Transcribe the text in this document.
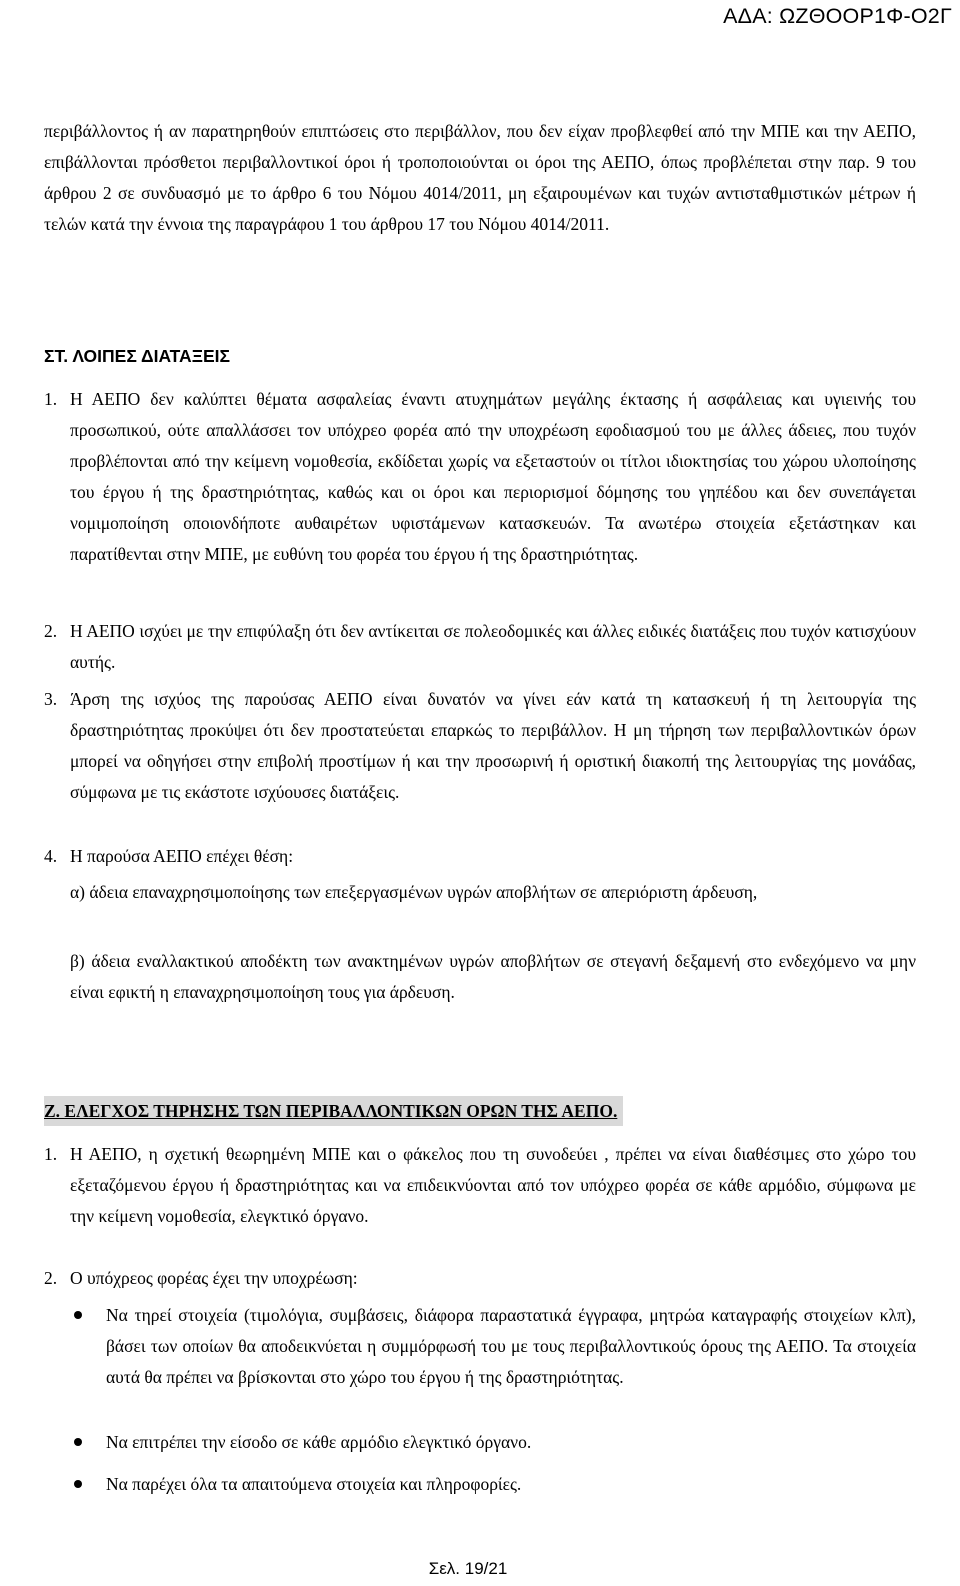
ΑΔΑ: ΩΖΘΟΟΡ1Φ-Ο2Γ

περιβάλλοντος ή αν παρατηρηθούν επιπτώσεις στο περιβάλλον, που δεν είχαν προβλεφθεί από την ΜΠΕ και την ΑΕΠΟ, επιβάλλονται πρόσθετοι περιβαλλοντικοί όροι ή τροποποιούνται οι όροι της ΑΕΠΟ, όπως προβλέπεται στην παρ. 9 του άρθρου 2 σε συνδυασμό με το άρθρο 6 του Νόμου 4014/2011, μη εξαιρουμένων και τυχών αντισταθμιστικών μέτρων ή τελών κατά την έννοια της παραγράφου 1 του άρθρου 17 του Νόμου 4014/2011.

ΣΤ. ΛΟΙΠΕΣ ΔΙΑΤΑΞΕΙΣ
1. Η ΑΕΠΟ δεν καλύπτει θέματα ασφαλείας έναντι ατυχημάτων μεγάλης έκτασης ή ασφάλειας και υγιεινής του προσωπικού, ούτε απαλλάσσει τον υπόχρεο φορέα από την υποχρέωση εφοδιασμού του με άλλες άδειες, που τυχόν προβλέπονται από την κείμενη νομοθεσία, εκδίδεται χωρίς να εξεταστούν οι τίτλοι ιδιοκτησίας του χώρου υλοποίησης του έργου ή της δραστηριότητας, καθώς και οι όροι και περιορισμοί δόμησης του γηπέδου και δεν συνεπάγεται νομιμοποίηση οποιονδήποτε αυθαιρέτων υφιστάμενων κατασκευών. Τα ανωτέρω στοιχεία εξετάστηκαν και παρατίθενται στην ΜΠΕ, με ευθύνη του φορέα του έργου ή της δραστηριότητας.

2. Η ΑΕΠΟ ισχύει με την επιφύλαξη ότι δεν αντίκειται σε πολεοδομικές και άλλες ειδικές διατάξεις που τυχόν κατισχύουν αυτής.

3. Άρση της ισχύος της παρούσας ΑΕΠΟ είναι δυνατόν να γίνει εάν κατά τη κατασκευή ή τη λειτουργία της δραστηριότητας προκύψει ότι δεν προστατεύεται επαρκώς το περιβάλλον. Η μη τήρηση των περιβαλλοντικών όρων μπορεί να οδηγήσει στην επιβολή προστίμων ή και την προσωρινή ή οριστική διακοπή της λειτουργίας της μονάδας, σύμφωνα με τις εκάστοτε ισχύουσες διατάξεις.

4. Η παρούσα ΑΕΠΟ επέχει θέση:

α) άδεια επαναχρησιμοποίησης των επεξεργασμένων υγρών αποβλήτων σε απεριόριστη άρδευση,

β) άδεια εναλλακτικού αποδέκτη των ανακτημένων υγρών αποβλήτων σε στεγανή δεξαμενή στο ενδεχόμενο να μην είναι εφικτή η επαναχρησιμοποίηση τους για άρδευση.

Ζ. ΕΛΕΓΧΟΣ ΤΗΡΗΣΗΣ ΤΩΝ ΠΕΡΙΒΑΛΛΟΝΤΙΚΩΝ ΟΡΩΝ ΤΗΣ ΑΕΠΟ.
1. Η ΑΕΠΟ, η σχετική θεωρημένη ΜΠΕ και ο φάκελος που τη συνοδεύει , πρέπει να είναι διαθέσιμες στο χώρο του εξεταζόμενου έργου ή δραστηριότητας και να επιδεικνύονται από τον υπόχρεο φορέα σε κάθε αρμόδιο, σύμφωνα με την κείμενη νομοθεσία, ελεγκτικό όργανο.

2. Ο υπόχρεος φορέας έχει την υποχρέωση:

Να τηρεί στοιχεία (τιμολόγια, συμβάσεις, διάφορα παραστατικά έγγραφα, μητρώα καταγραφής στοιχείων κλπ), βάσει των οποίων θα αποδεικνύεται η συμμόρφωσή του με τους περιβαλλοντικούς όρους της ΑΕΠΟ. Τα στοιχεία αυτά θα πρέπει να βρίσκονται στο χώρο του έργου ή της δραστηριότητας.

Να επιτρέπει την είσοδο σε κάθε αρμόδιο ελεγκτικό όργανο.

Να παρέχει όλα τα απαιτούμενα στοιχεία και πληροφορίες.

Σελ. 19/21
